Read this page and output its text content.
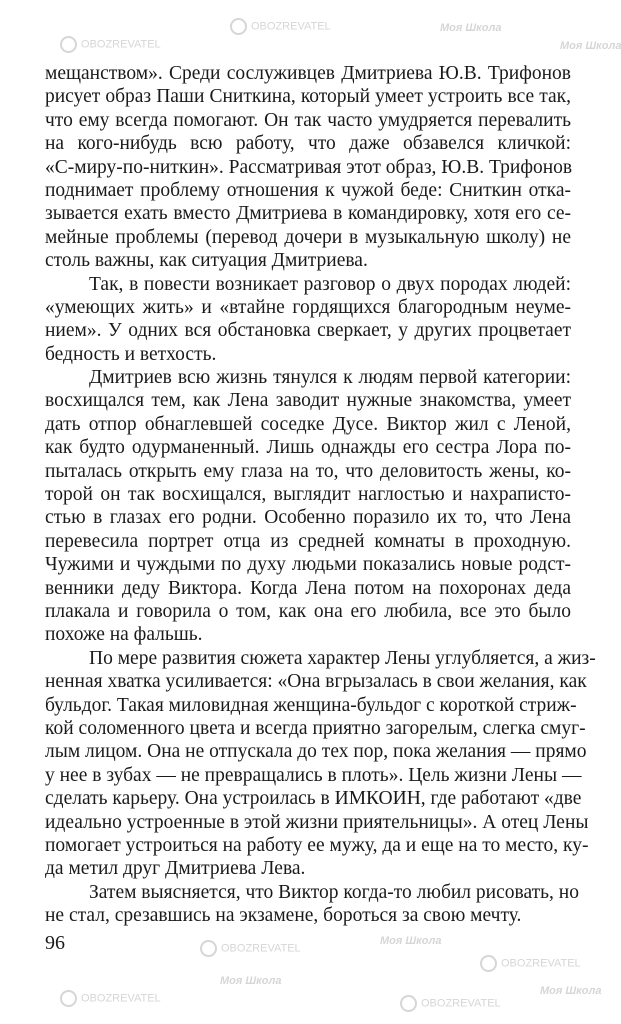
Моя Школа
Моя Школа
OBOZREVATEL
OBOZREVATEL
OBOZREVATEL
Моя Школа
OBOZREVATEL
Моя Школа
OBOZREVATEL	OBOZREVATEL
Моя Школа
мещанством». Среди сослуживцев Дмитриева Ю.В. Трифонов
рисует образ Паши Сниткина, который умеет устроить все так,
что ему всегда помогают. Он так часто умудряется перевалить
на кого-нибудь всю работу, что даже обзавелся кличкой:
«С-миру-по-ниткин». Рассматривая этот образ, Ю.В. Трифонов
поднимает проблему отношения к чужой беде: Сниткин отка-
зывается ехать вместо Дмитриева в командировку, хотя его се-
мейные проблемы (перевод дочери в музыкальную школу) не
столь важны, как ситуация Дмитриева.
Так, в повести возникает разговор о двух породах людей:
«умеющих жить» и «втайне гордящихся благородным неуме-
нием». У одних вся обстановка сверкает, у других процветает
бедность и ветхость.
Дмитриев всю жизнь тянулся к людям первой категории:
восхищался тем, как Лена заводит нужные знакомства, умеет
дать отпор обнаглевшей соседке Дусе. Виктор жил с Леной,
как будто одурманенный. Лишь однажды его сестра Лора по-
пыталась открыть ему глаза на то, что деловитость жены, ко-
торой он так восхищался, выглядит наглостью и нахраписто-
стью в глазах его родни. Особенно поразило их то, что Лена
перевесила портрет отца из средней комнаты в проходную.
Чужими и чуждыми по духу людьми показались новые родст-
венники деду Виктора. Когда Лена потом на похоронах деда
плакала и говорила о том, как она его любила, все это было
похоже на фальшь.
По мере развития сюжета характер Лены углубляется, а жиз-
ненная хватка усиливается: «Она вгрызалась в свои желания, как
бульдог. Такая миловидная женщина-бульдог с короткой стриж-
кой соломенного цвета и всегда приятно загорелым, слегка смуг-
лым лицом. Она не отпускала до тех пор, пока желания — прямо
у нее в зубах — не превращались в плоть». Цель жизни Лены —
сделать карьеру. Она устроилась в ИМКОИН, где работают «две
идеально устроенные в этой жизни приятельницы». А отец Лены
помогает устроиться на работу ее мужу, да и еще на то место, ку-
да метил друг Дмитриева Лева.
Затем выясняется, что Виктор когда-то любил рисовать, но
не стал, срезавшись на экзамене, бороться за свою мечту.
96
